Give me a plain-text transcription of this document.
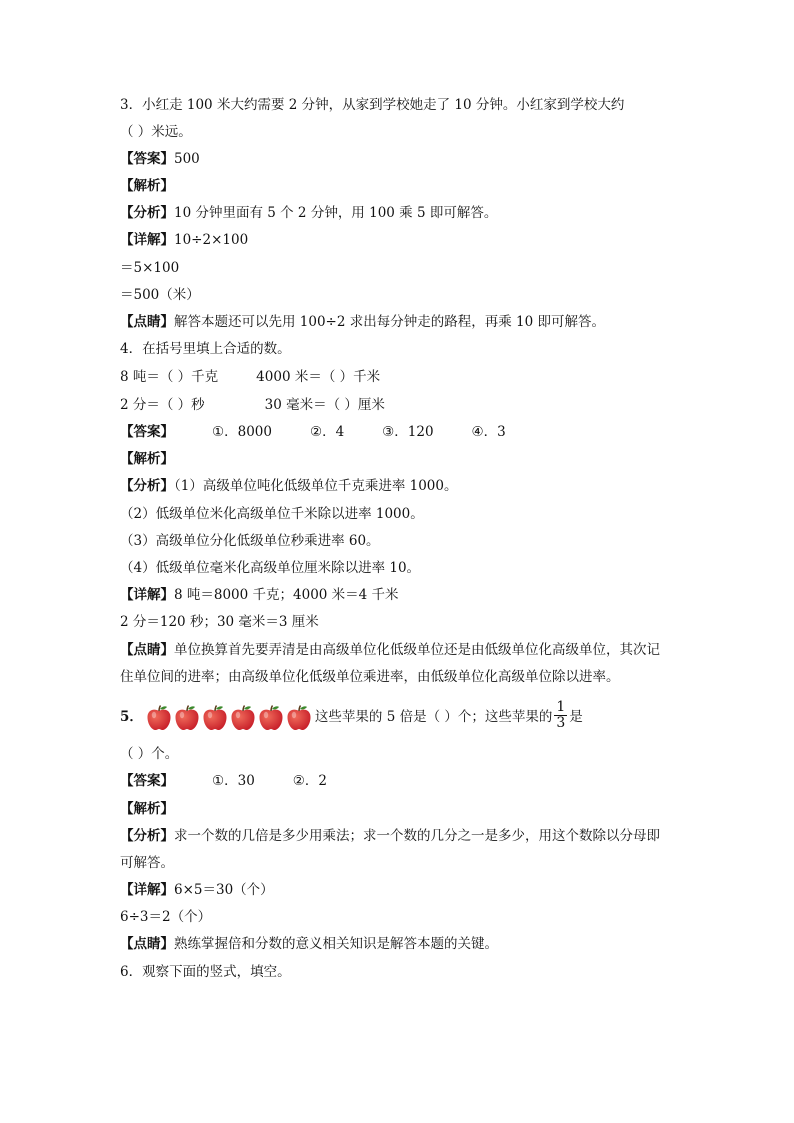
3．小红走 100 米大约需要 2 分钟，从家到学校她走了 10 分钟。小红家到学校大约
（ ）米远。
【答案】500
【解析】
【分析】10 分钟里面有 5 个 2 分钟，用 100 乘 5 即可解答。
【详解】10÷2×100
＝5×100
＝500（米）
【点睛】解答本题还可以先用 100÷2 求出每分钟走的路程，再乘 10 即可解答。
4．在括号里填上合适的数。
8 吨＝（ ）千克	4000 米＝（ ）千米
2 分＝（ ）秒	30 毫米＝（ ）厘米
【答案】	①．8000	②．4	③．120	④．3
【解析】
【分析】（1）高级单位吨化低级单位千克乘进率 1000。
（2）低级单位米化高级单位千米除以进率 1000。
（3）高级单位分化低级单位秒乘进率 60。
（4）低级单位毫米化高级单位厘米除以进率 10。
【详解】8 吨＝8000 千克；4000 米＝4 千米
2 分＝120 秒；30 毫米＝3 厘米
【点睛】单位换算首先要弄清是由高级单位化低级单位还是由低级单位化高级单位，其次记
住单位间的进率；由高级单位化低级单位乘进率，由低级单位化高级单位除以进率。
5．	这些苹果的 5 倍是（ ）个；这些苹果的 $\frac{1}{3}$ 是
（ ）个。
【答案】	①．30	②．2
【解析】
【分析】求一个数的几倍是多少用乘法；求一个数的几分之一是多少，用这个数除以分母即
可解答。
【详解】6×5＝30（个）
6÷3＝2（个）
【点睛】熟练掌握倍和分数的意义相关知识是解答本题的关键。
6．观察下面的竖式，填空。
